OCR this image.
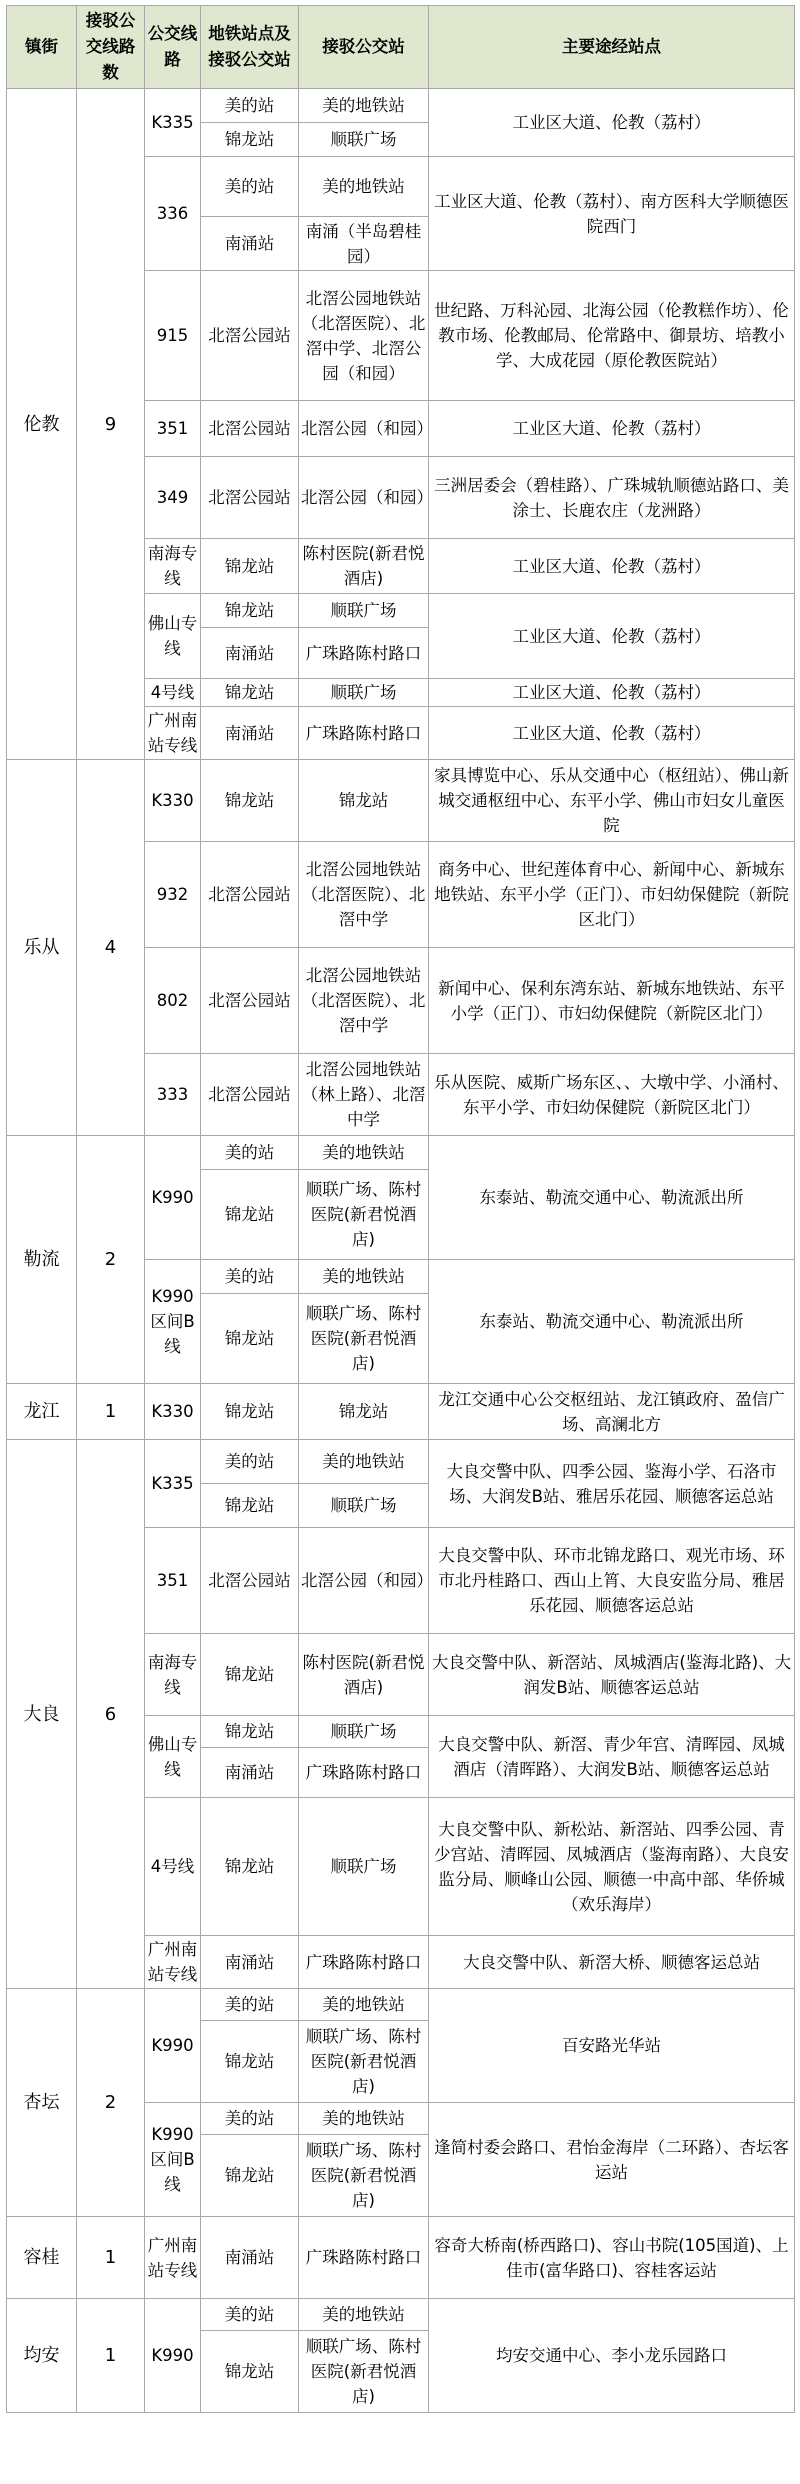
镇街	接驳公交线路数	公交线路	地铁站点及接驳公交站	接驳公交站	主要途经站点
伦教	9	K335	美的站	美的地铁站	工业区大道、伦教（荔村）
			锦龙站	顺联广场	
		336	美的站	美的地铁站	工业区大道、伦教（荔村）、南方医科大学顺德医院西门
			南涌站	南涌（半岛碧桂园）	
		915	北滘公园站	北滘公园地铁站（北滘医院）、北滘中学、北滘公园（和园）	世纪路、万科沁园、北海公园（伦教糕作坊）、伦教市场、伦教邮局、伦常路中、御景坊、培教小学、大成花园（原伦教医院站）
		351	北滘公园站	北滘公园（和园）	工业区大道、伦教（荔村）
		349	北滘公园站	北滘公园（和园）	三洲居委会（碧桂路）、广珠城轨顺德站路口、美涂士、长鹿农庄（龙洲路）
		南海专线	锦龙站	陈村医院(新君悦酒店)	工业区大道、伦教（荔村）
		佛山专线	锦龙站	顺联广场	工业区大道、伦教（荔村）
			南涌站	广珠路陈村路口	
		4号线	锦龙站	顺联广场	工业区大道、伦教（荔村）
		广州南站专线	南涌站	广珠路陈村路口	工业区大道、伦教（荔村）
乐从	4	K330	锦龙站	锦龙站	家具博览中心、乐从交通中心（枢纽站）、佛山新城交通枢纽中心、东平小学、佛山市妇女儿童医院
		932	北滘公园站	北滘公园地铁站（北滘医院）、北滘中学	商务中心、世纪莲体育中心、新闻中心、新城东地铁站、东平小学（正门）、市妇幼保健院（新院区北门）
		802	北滘公园站	北滘公园地铁站（北滘医院）、北滘中学	新闻中心、保利东湾东站、新城东地铁站、东平小学（正门）、市妇幼保健院（新院区北门）
		333	北滘公园站	北滘公园地铁站（林上路）、北滘中学	乐从医院、威斯广场东区、、大墩中学、小涌村、东平小学、市妇幼保健院（新院区北门）
勒流	2	K990	美的站	美的地铁站	东泰站、勒流交通中心、勒流派出所
			锦龙站	顺联广场、陈村医院(新君悦酒店)	
		K990区间B线	美的站	美的地铁站	东泰站、勒流交通中心、勒流派出所
			锦龙站	顺联广场、陈村医院(新君悦酒店)	
龙江	1	K330	锦龙站	锦龙站	龙江交通中心公交枢纽站、龙江镇政府、盈信广场、高澜北方
大良	6	K335	美的站	美的地铁站	大良交警中队、四季公园、鉴海小学、石洛市场、大润发B站、雅居乐花园、顺德客运总站
			锦龙站	顺联广场	
		351	北滘公园站	北滘公园（和园）	大良交警中队、环市北锦龙路口、观光市场、环市北丹桂路口、西山上筲、大良安监分局、雅居乐花园、顺德客运总站
		南海专线	锦龙站	陈村医院(新君悦酒店)	大良交警中队、新滘站、凤城酒店(鉴海北路)、大润发B站、顺德客运总站
		佛山专线	锦龙站	顺联广场	大良交警中队、新滘、青少年宫、清晖园、凤城酒店（清晖路）、大润发B站、顺德客运总站
			南涌站	广珠路陈村路口	
		4号线	锦龙站	顺联广场	大良交警中队、新松站、新滘站、四季公园、青少宫站、清晖园、凤城酒店（鉴海南路）、大良安监分局、顺峰山公园、顺德一中高中部、华侨城（欢乐海岸）
		广州南站专线	南涌站	广珠路陈村路口	大良交警中队、新滘大桥、顺德客运总站
杏坛	2	K990	美的站	美的地铁站	百安路光华站
			锦龙站	顺联广场、陈村医院(新君悦酒店)	
		K990区间B线	美的站	美的地铁站	逢简村委会路口、君怡金海岸（二环路）、杏坛客运站
			锦龙站	顺联广场、陈村医院(新君悦酒店)	
容桂	1	广州南站专线	南涌站	广珠路陈村路口	容奇大桥南(桥西路口)、容山书院(105国道)、上佳市(富华路口)、容桂客运站
均安	1	K990	美的站	美的地铁站	均安交通中心、李小龙乐园路口
			锦龙站	顺联广场、陈村医院(新君悦酒店)	
